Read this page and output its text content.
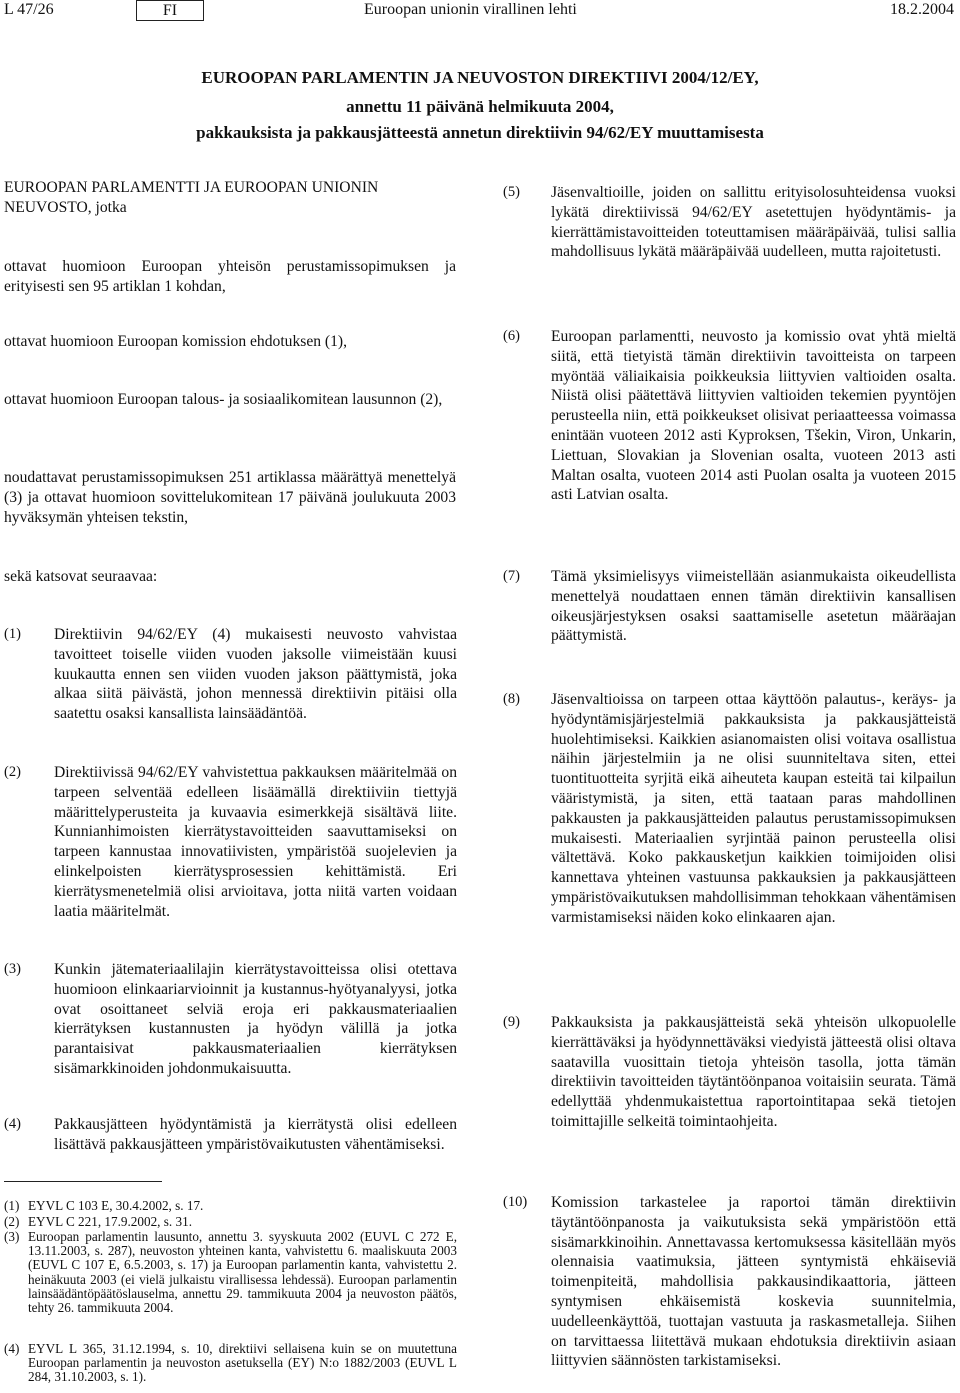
L 47/26	FI	Euroopan unionin virallinen lehti	18.2.2004
EUROOPAN PARLAMENTIN JA NEUVOSTON DIREKTIIVI 2004/12/EY,
annettu 11 päivänä helmikuuta 2004,
pakkauksista ja pakkausjätteestä annetun direktiivin 94/62/EY muuttamisesta

EUROOPAN PARLAMENTTI JA EUROOPAN UNIONIN NEUVOSTO, jotka

ottavat huomioon Euroopan yhteisön perustamissopimuksen ja erityisesti sen 95 artiklan 1 kohdan,

ottavat huomioon Euroopan komission ehdotuksen (1),

ottavat huomioon Euroopan talous- ja sosiaalikomitean lausunnon (2),

noudattavat perustamissopimuksen 251 artiklassa määrättyä menettelyä (3) ja ottavat huomioon sovittelukomitean 17 päivänä joulukuuta 2003 hyväksymän yhteisen tekstin,

sekä katsovat seuraavaa:

(1) Direktiivin 94/62/EY (4) mukaisesti neuvosto vahvistaa tavoitteet toiselle viiden vuoden jaksolle viimeistään kuusi kuukautta ennen sen viiden vuoden jakson päättymistä, joka alkaa siitä päivästä, johon mennessä direktiivin pitäisi olla saatettu osaksi kansallista lainsäädäntöä.

(2) Direktiivissä 94/62/EY vahvistettua pakkauksen määritelmää on tarpeen selventää edelleen lisäämällä direktiiviin tiettyjä määrittelyperusteita ja kuvaavia esimerkkejä sisältävä liite. Kunnianhimoisten kierrätystavoitteiden saavuttamiseksi on tarpeen kannustaa innovatiivisten, ympäristöä suojelevien ja elinkelpoisten kierrätysprosessien kehittämistä. Eri kierrätysmenetelmiä olisi arvioitava, jotta niitä varten voidaan laatia määritelmät.

(3) Kunkin jätemateriaalilajin kierrätystavoitteissa olisi otettava huomioon elinkaariarvioinnit ja kustannus-hyötyanalyysi, jotka ovat osoittaneet selviä eroja eri pakkausmateriaalien kierrätyksen kustannusten ja hyödyn välillä ja jotka parantaisivat pakkausmateriaalien kierrätyksen sisämarkkinoiden johdonmukaisuutta.

(4) Pakkausjätteen hyödyntämistä ja kierrätystä olisi edelleen lisättävä pakkausjätteen ympäristövaikutusten vähentämiseksi.

(1) EYVL C 103 E, 30.4.2002, s. 17.

(2) EYVL C 221, 17.9.2002, s. 31.

(3) Euroopan parlamentin lausunto, annettu 3. syyskuuta 2002 (EUVL C 272 E, 13.11.2003, s. 287), neuvoston yhteinen kanta, vahvistettu 6. maaliskuuta 2003 (EUVL C 107 E, 6.5.2003, s. 17) ja Euroopan parlamentin kanta, vahvistettu 2. heinäkuuta 2003 (ei vielä julkaistu virallisessa lehdessä). Euroopan parlamentin lainsäädäntöpäätöslauselma, annettu 29. tammikuuta 2004 ja neuvoston päätös, tehty 26. tammikuuta 2004.

(4) EYVL L 365, 31.12.1994, s. 10, direktiivi sellaisena kuin se on muutettuna Euroopan parlamentin ja neuvoston asetuksella (EY) N:o 1882/2003 (EUVL L 284, 31.10.2003, s. 1).

(5) Jäsenvaltioille, joiden on sallittu erityisolosuhteidensa vuoksi lykätä direktiivissä 94/62/EY asetettujen hyödyntämis- ja kierrättämistavoitteiden toteuttamisen määräpäivää, tulisi sallia mahdollisuus lykätä määräpäivää uudelleen, mutta rajoitetusti.

(6) Euroopan parlamentti, neuvosto ja komissio ovat yhtä mieltä siitä, että tietyistä tämän direktiivin tavoitteista on tarpeen myöntää väliaikaisia poikkeuksia liittyvien valtioiden osalta. Niistä olisi päätettävä liittyvien valtioiden tekemien pyyntöjen perusteella niin, että poikkeukset olisivat periaatteessa voimassa enintään vuoteen 2012 asti Kyproksen, Tšekin, Viron, Unkarin, Liettuan, Slovakian ja Slovenian osalta, vuoteen 2013 asti Maltan osalta, vuoteen 2014 asti Puolan osalta ja vuoteen 2015 asti Latvian osalta.

(7) Tämä yksimielisyys viimeistellään asianmukaista oikeudellista menettelyä noudattaen ennen tämän direktiivin kansallisen oikeusjärjestyksen osaksi saattamiselle asetetun määräajan päättymistä.

(8) Jäsenvaltioissa on tarpeen ottaa käyttöön palautus-, keräys- ja hyödyntämisjärjestelmiä pakkauksista ja pakkausjätteistä huolehtimiseksi. Kaikkien asianomaisten olisi voitava osallistua näihin järjestelmiin ja ne olisi suunniteltava siten, ettei tuontituotteita syrjitä eikä aiheuteta kaupan esteitä tai kilpailun vääristymistä, ja siten, että taataan paras mahdollinen pakkausten ja pakkausjätteiden palautus perustamissopimuksen mukaisesti. Materiaalien syrjintää painon perusteella olisi vältettävä. Koko pakkausketjun kaikkien toimijoiden olisi kannettava yhteinen vastuunsa pakkauksien ja pakkausjätteen ympäristövaikutuksen mahdollisimman tehokkaan vähentämisen varmistamiseksi näiden koko elinkaaren ajan.

(9) Pakkauksista ja pakkausjätteistä sekä yhteisön ulkopuolelle kierrättäväksi ja hyödynnettäväksi viedyistä jätteestä olisi oltava saatavilla vuosittain tietoja yhteisön tasolla, jotta tämän direktiivin tavoitteiden täytäntöönpanoa voitaisiin seurata. Tämä edellyttää yhdenmukaistettua raportointitapaa sekä tietojen toimittajille selkeitä toimintaohjeita.

(10) Komission tarkastelee ja raportoi tämän direktiivin täytäntöönpanosta ja vaikutuksista sekä ympäristöön että sisämarkkinoihin. Annettavassa kertomuksessa käsitellään myös olennaisia vaatimuksia, jätteen syntymistä ehkäiseviä toimenpiteitä, mahdollisia pakkausindikaattoria, jätteen syntymisen ehkäisemistä koskevia suunnitelmia, uudelleenkäyttöä, tuottajan vastuuta ja raskasmetalleja. Siihen on tarvittaessa liitettävä mukaan ehdotuksia direktiivin asiaan liittyvien säännösten tarkistamiseksi.
